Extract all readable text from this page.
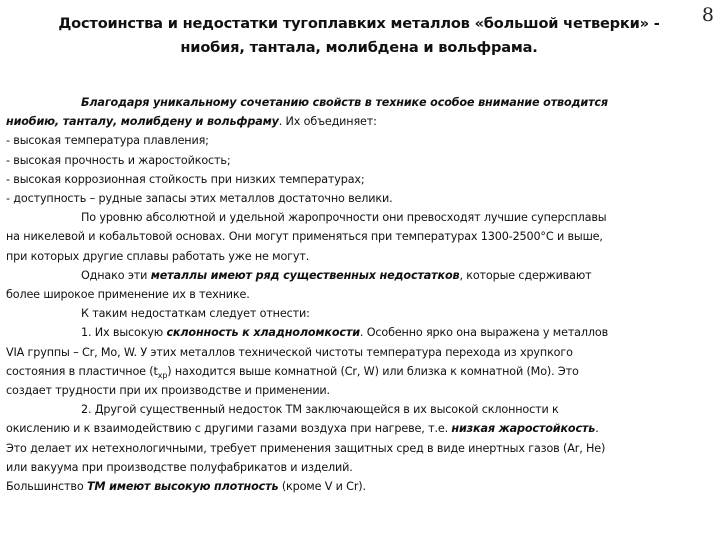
8
Достоинства и недостатки тугоплавких металлов «большой четверки» -
ниобия, тантала, молибдена и вольфрама.
Благодаря уникальному сочетанию свойств в технике особое внимание отводится
ниобию, танталу, молибдену и вольфраму. Их объединяет:
- высокая температура плавления;
- высокая прочность и жаростойкость;
- высокая коррозионная стойкость при низких температурах;
- доступность – рудные запасы этих металлов достаточно велики.
По уровню абсолютной и удельной жаропрочности они превосходят лучшие суперсплавы
на никелевой и кобальтовой основах. Они могут применяться при температурах 1300-2500°С и выше,
при которых другие сплавы работать уже не могут.
Однако эти металлы имеют ряд существенных недостатков, которые сдерживают
более широкое применение их в технике.
К таким недостаткам следует отнести:
1. Их высокую склонность к хладноломкости. Особенно ярко она выражена у металлов
VIA группы – Cr, Mo, W. У этих металлов технической чистоты температура перехода из хрупкого
состояния в пластичное $(t_{хр})$ находится выше комнатной (Cr, W) или близка к комнатной (Mo). Это
создает трудности при их производстве и применении.
2. Другой существенный недосток ТМ заключающейся в их высокой склонности к
окислению и к взаимодействию с другими газами воздуха при нагреве, т.е. низкая жаростойкость.
Это делает их нетехнологичными, требует применения защитных сред в виде инертных газов (Ar, He)
или вакуума при производстве полуфабрикатов и изделий.
Большинство ТМ имеют высокую плотность (кроме V и Cr).
